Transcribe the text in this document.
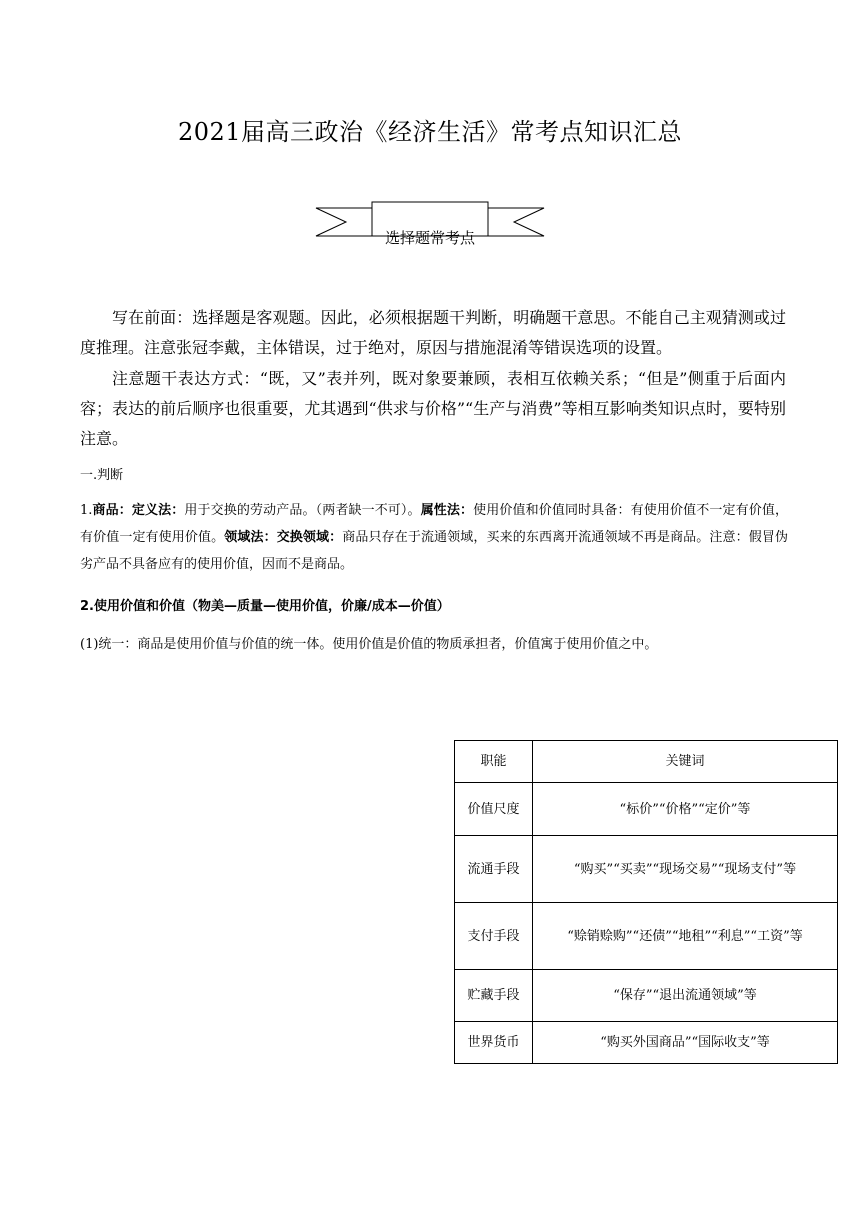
2021届高三政治《经济生活》常考点知识汇总
选择题常考点
写在前面：选择题是客观题。因此，必须根据题干判断，明确题干意思。不能自己主观猜测或过度推理。注意张冠李戴，主体错误，过于绝对，原因与措施混淆等错误选项的设置。
注意题干表达方式：“既，又”表并列，既对象要兼顾，表相互依赖关系；“但是”侧重于后面内容；表达的前后顺序也很重要，尤其遇到“供求与价格”“生产与消费”等相互影响类知识点时，要特别注意。
一.判断
1.商品：定义法：用于交换的劳动产品。（两者缺一不可）。属性法：使用价值和价值同时具备：有使用价值不一定有价值，有价值一定有使用价值。领域法：交换领域：商品只存在于流通领域，买来的东西离开流通领域不再是商品。注意：假冒伪劣产品不具备应有的使用价值，因而不是商品。
2.使用价值和价值（物美—质量—使用价值，价廉/成本—价值）
(1)统一：商品是使用价值与价值的统一体。使用价值是价值的物质承担者，价值寓于使用价值之中。
职能	关键词
价值尺度	“标价”“价格”“定价”等
流通手段	“购买”“买卖”“现场交易”“现场支付”等
支付手段	“赊销赊购”“还债”“地租”“利息”“工资”等
贮藏手段	“保存”“退出流通领域”等
世界货币	“购买外国商品”“国际收支”等
